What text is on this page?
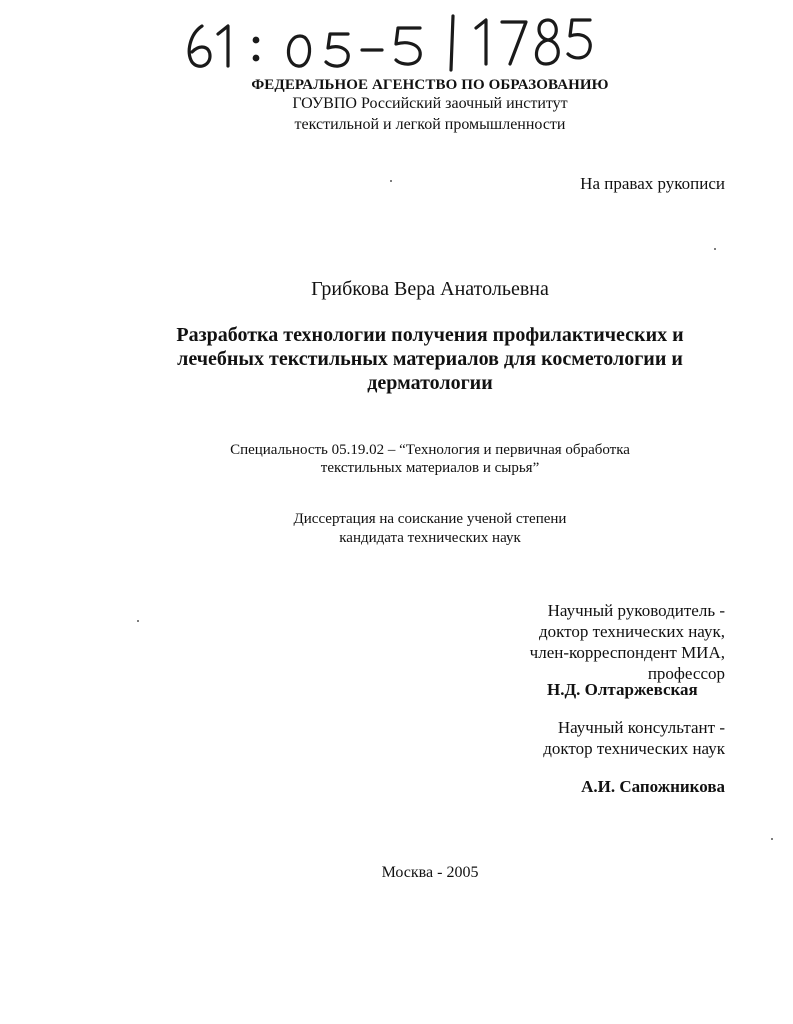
ФЕДЕРАЛЬНОЕ АГЕНСТВО ПО ОБРАЗОВАНИЮ
ГОУВПО Российский заочный институт
текстильной и легкой промышленности
На правах рукописи
Грибкова Вера Анатольевна
Разработка технологии получения профилактических и
лечебных текстильных материалов для косметологии и
дерматологии
Специальность 05.19.02 – “Технология и первичная обработка
текстильных материалов и сырья”
Диссертация на соискание ученой степени
кандидата технических наук
Научный руководитель -
доктор технических наук,
член-корреспондент МИА,
профессор
Н.Д. Олтаржевская
Научный консультант -
доктор технических наук
А.И. Сапожникова
Москва - 2005
